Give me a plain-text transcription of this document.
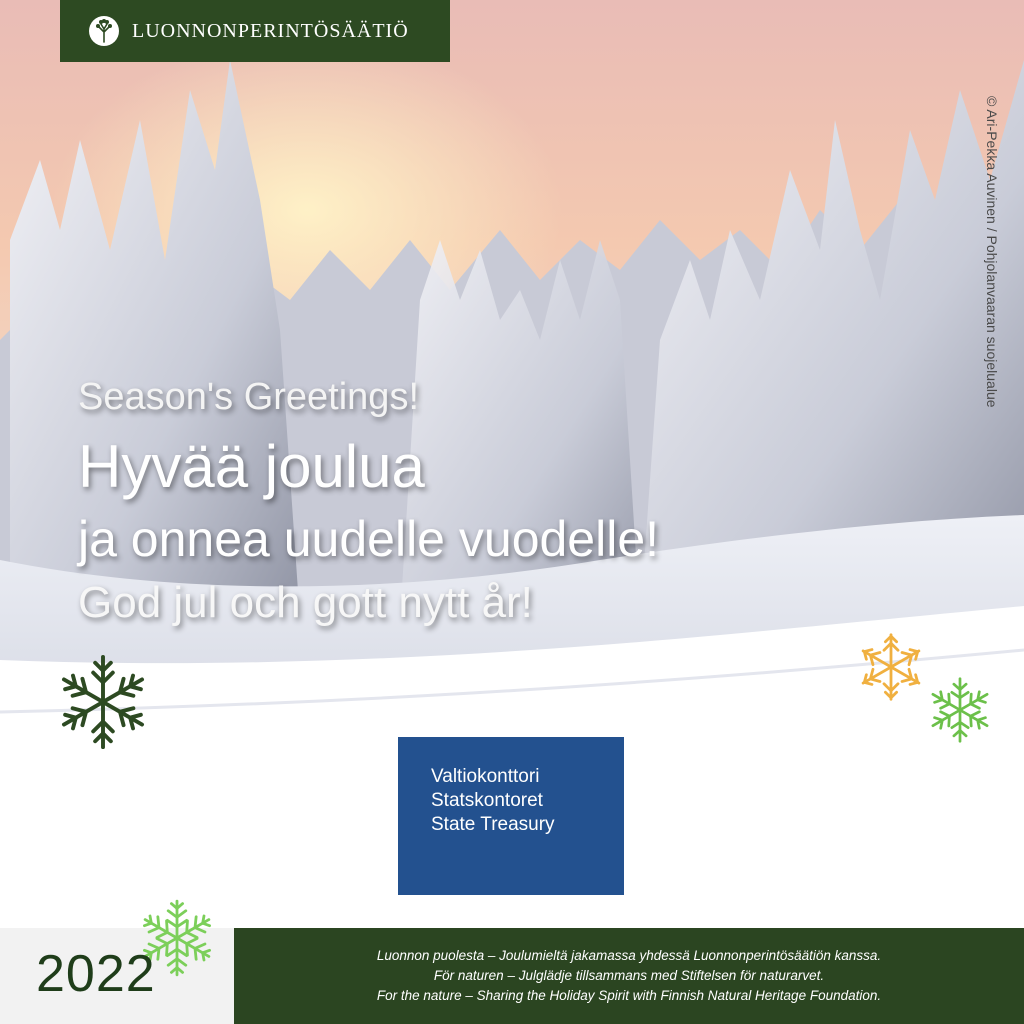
LUONNONPERINTÖSÄÄTIÖ
© Ari-Pekka Auvinen / Pohjolanvaaran suojelualue
Season's Greetings!
Hyvää joulua
ja onnea uudelle vuodelle!
God jul och gott nytt år!
Valtiokonttori
Statskontoret
State Treasury
2022	Luonnon puolesta – Joulumieltä jakamassa yhdessä Luonnonperintösäätiön kanssa.
För naturen – Julglädje tillsammans med Stiftelsen för naturarvet.
For the nature – Sharing the Holiday Spirit with Finnish Natural Heritage Foundation.
